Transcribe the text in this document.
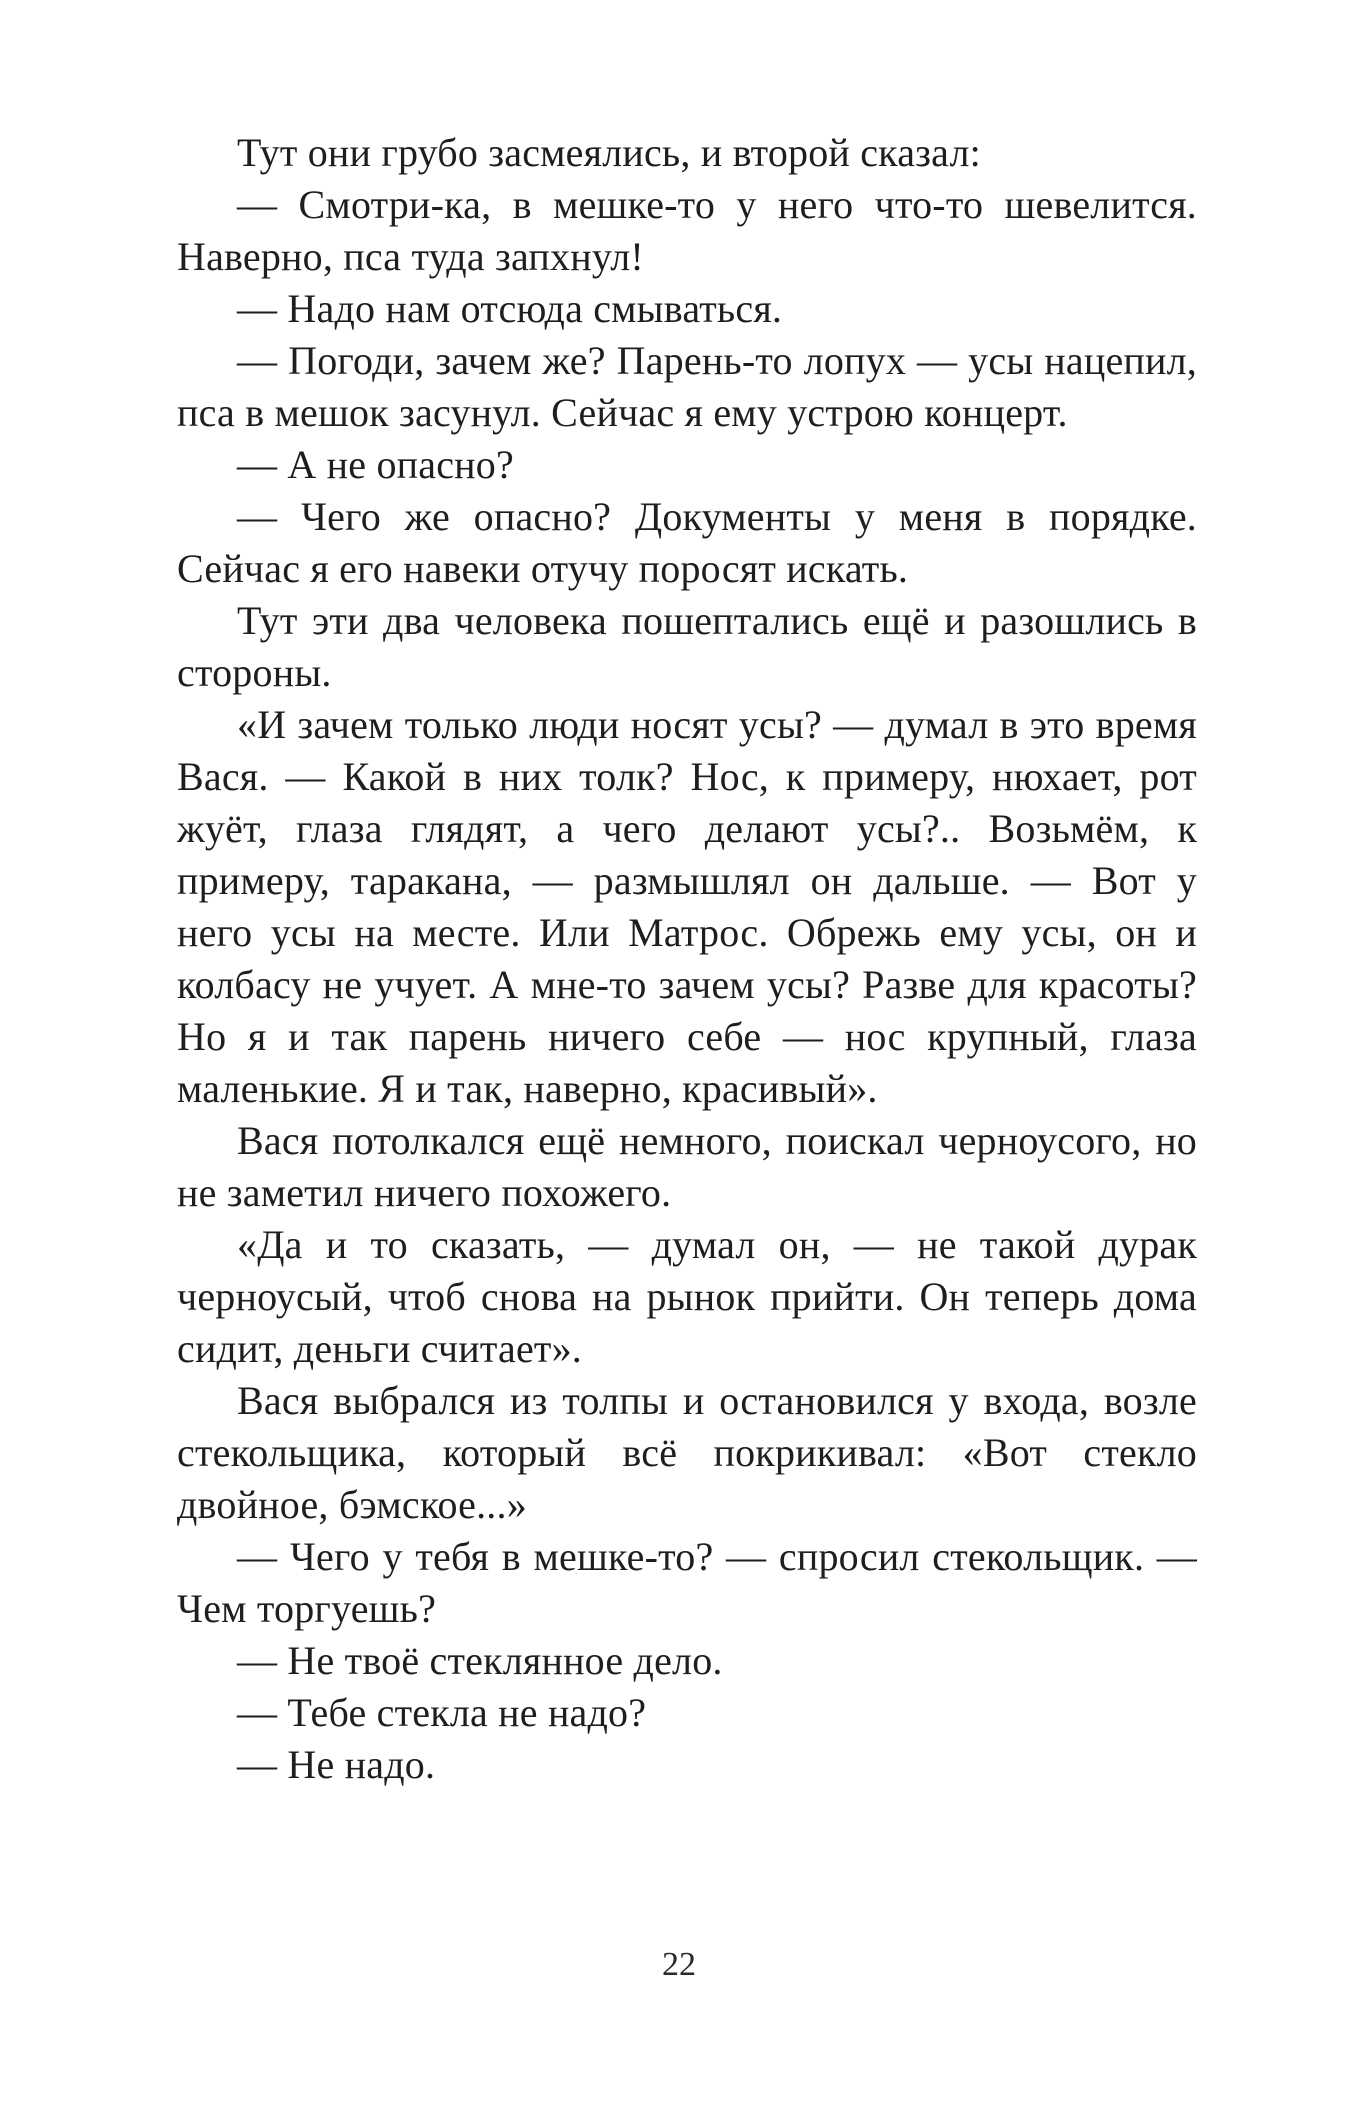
Тут они грубо засмеялись, и второй сказал:

— Смотри-ка, в мешке-то у него что-то шевелится. Наверно, пса туда запхнул!

— Надо нам отсюда смываться.

— Погоди, зачем же? Парень-то лопух — усы нацепил, пса в мешок засунул. Сейчас я ему устрою концерт.

— А не опасно?

— Чего же опасно? Документы у меня в порядке. Сейчас я его навеки отучу поросят искать.

Тут эти два человека пошептались ещё и разошлись в стороны.

«И зачем только люди носят усы? — думал в это время Вася. — Какой в них толк? Нос, к примеру, нюхает, рот жуёт, глаза глядят, а чего делают усы?.. Возьмём, к примеру, таракана, — размышлял он дальше. — Вот у него усы на месте. Или Матрос. Обрежь ему усы, он и колбасу не учует. А мне-то зачем усы? Разве для красоты? Но я и так парень ничего себе — нос крупный, глаза маленькие. Я и так, наверно, красивый».

Вася потолкался ещё немного, поискал черноусого, но не заметил ничего похожего.

«Да и то сказать, — думал он, — не такой дурак черноусый, чтоб снова на рынок прийти. Он теперь дома сидит, деньги считает».

Вася выбрался из толпы и остановился у входа, возле стекольщика, который всё покрикивал: «Вот стекло двойное, бэмское...»

— Чего у тебя в мешке-то? — спросил стекольщик. — Чем торгуешь?

— Не твоё стеклянное дело.

— Тебе стекла не надо?

— Не надо.

22
